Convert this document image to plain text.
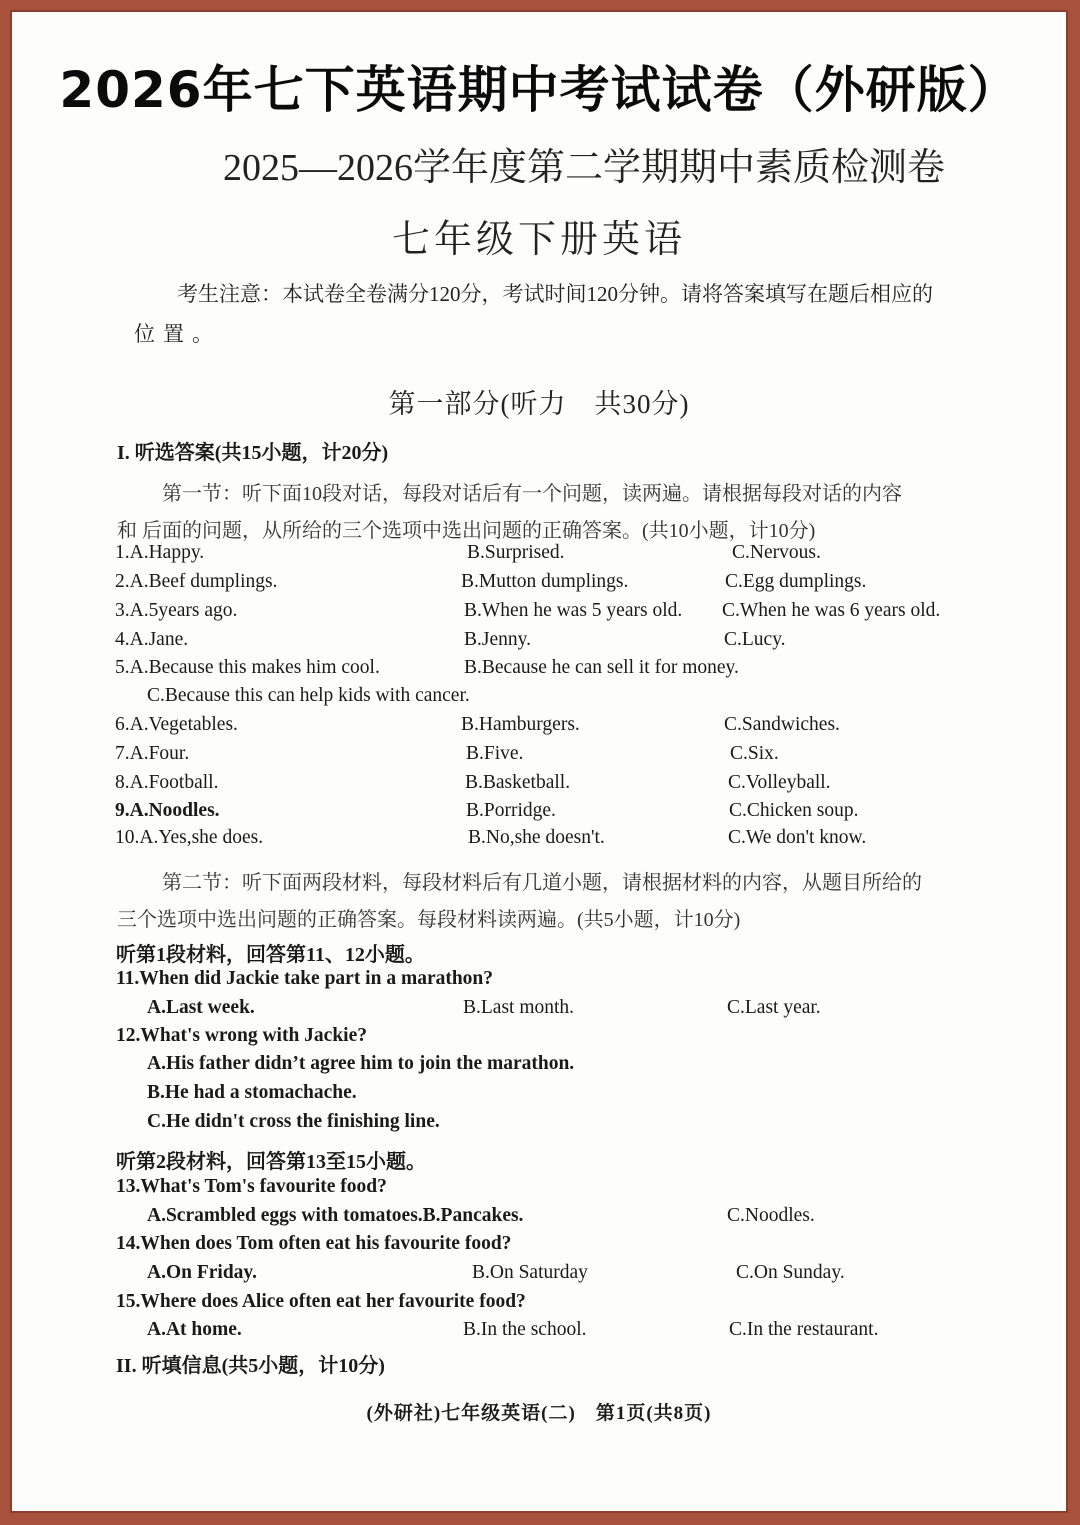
2026年七下英语期中考试试卷（外研版）
2025—2026学年度第二学期期中素质检测卷
七年级下册英语
考生注意：本试卷全卷满分120分，考试时间120分钟。请将答案填写在题后相应的
位置。
第一部分(听力　共30分)
I. 听选答案(共15小题，计20分)
第一节：听下面10段对话，每段对话后有一个问题，读两遍。请根据每段对话的内容
和 后面的问题，从所给的三个选项中选出问题的正确答案。(共10小题，计10分)
1.A.Happy.	B.Surprised.	C.Nervous.
2.A.Beef dumplings.	B.Mutton dumplings.	C.Egg dumplings.
3.A.5years ago.	B.When he was 5 years old. C.When he was 6 years old.
4.A.Jane.	B.Jenny.	C.Lucy.
5.A.Because this makes him cool.	B.Because he can sell it for money.
C.Because this can help kids with cancer.
6.A.Vegetables.	B.Hamburgers.	C.Sandwiches.
7.A.Four.	B.Five.	C.Six.
8.A.Football.	B.Basketball.	C.Volleyball.
9.A.Noodles.	B.Porridge.	C.Chicken soup.
10.A.Yes,she does.	B.No,she doesn't.	C.We don't know.
第二节：听下面两段材料，每段材料后有几道小题，请根据材料的内容，从题目所给的
三个选项中选出问题的正确答案。每段材料读两遍。(共5小题，计10分)
听第1段材料，回答第11、12小题。
11.When did Jackie take part in a marathon?
A.Last week.	B.Last month.	C.Last year.
12.What's wrong with Jackie?
A.His father didn’t agree him to join the marathon.
B.He had a stomachache.
C.He didn't cross the finishing line.
听第2段材料，回答第13至15小题。
13.What's Tom's favourite food?
A.Scrambled eggs with tomatoes.B.Pancakes.	C.Noodles.
14.When does Tom often eat his favourite food?
A.On Friday.	B.On Saturday	C.On Sunday.
15.Where does Alice often eat her favourite food?
A.At home.	B.In the school.	C.In the restaurant.
II. 听填信息(共5小题，计10分)
(外研社)七年级英语(二)　第1页(共8页)
